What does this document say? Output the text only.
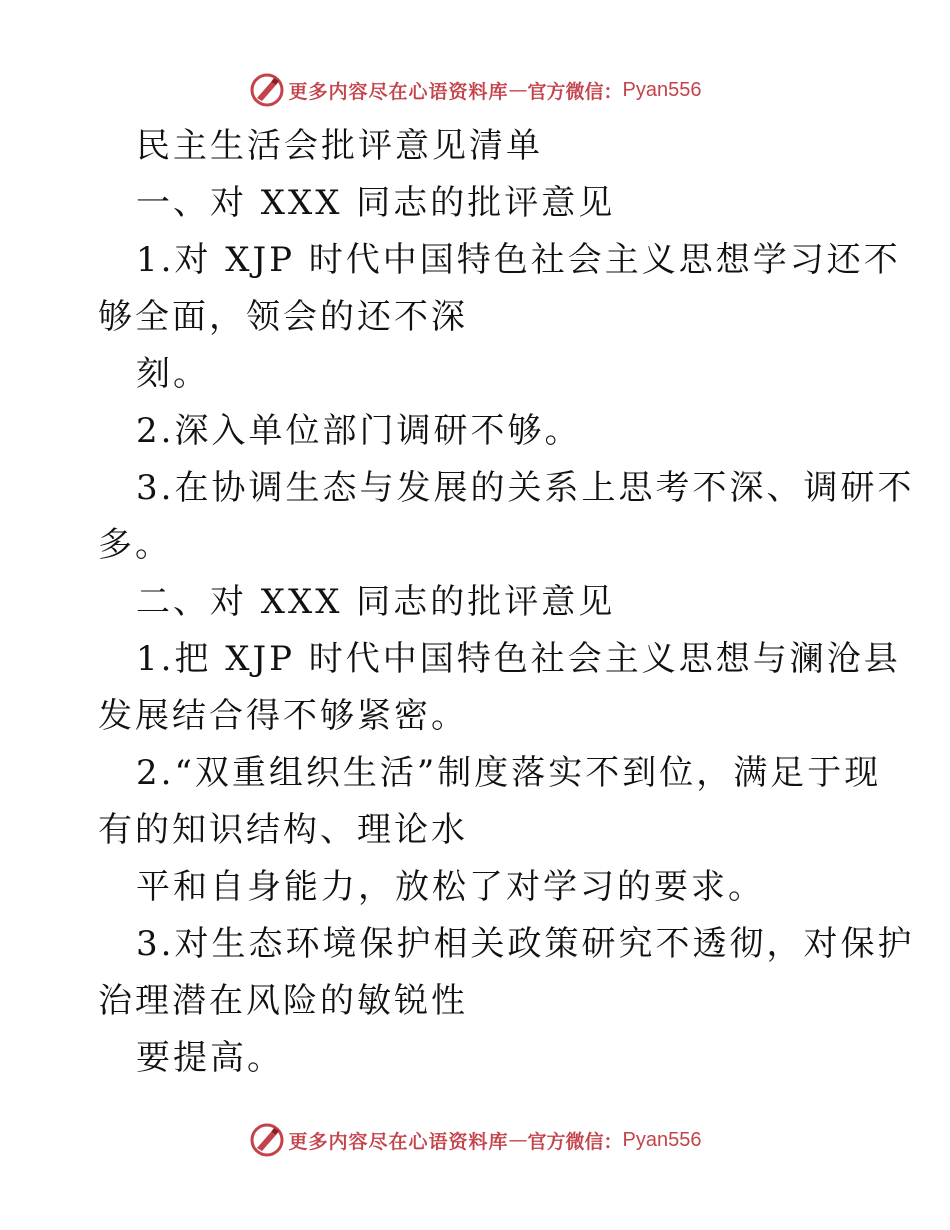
更多内容尽在心语资料库 — 官方微信： Pyan556
民主生活会批评意见清单
一、对 XXX 同志的批评意见
1.对 XJP 时代中国特色社会主义思想学习还不
够全面，领会的还不深
刻。
2.深入单位部门调研不够。
3.在协调生态与发展的关系上思考不深、调研不
多。
二、对 XXX 同志的批评意见
1.把 XJP 时代中国特色社会主义思想与澜沧县
发展结合得不够紧密。
2.“双重组织生活”制度落实不到位，满足于现
有的知识结构、理论水
平和自身能力，放松了对学习的要求。
3.对生态环境保护相关政策研究不透彻，对保护
治理潜在风险的敏锐性
要提高。
更多内容尽在心语资料库 — 官方微信： Pyan556
